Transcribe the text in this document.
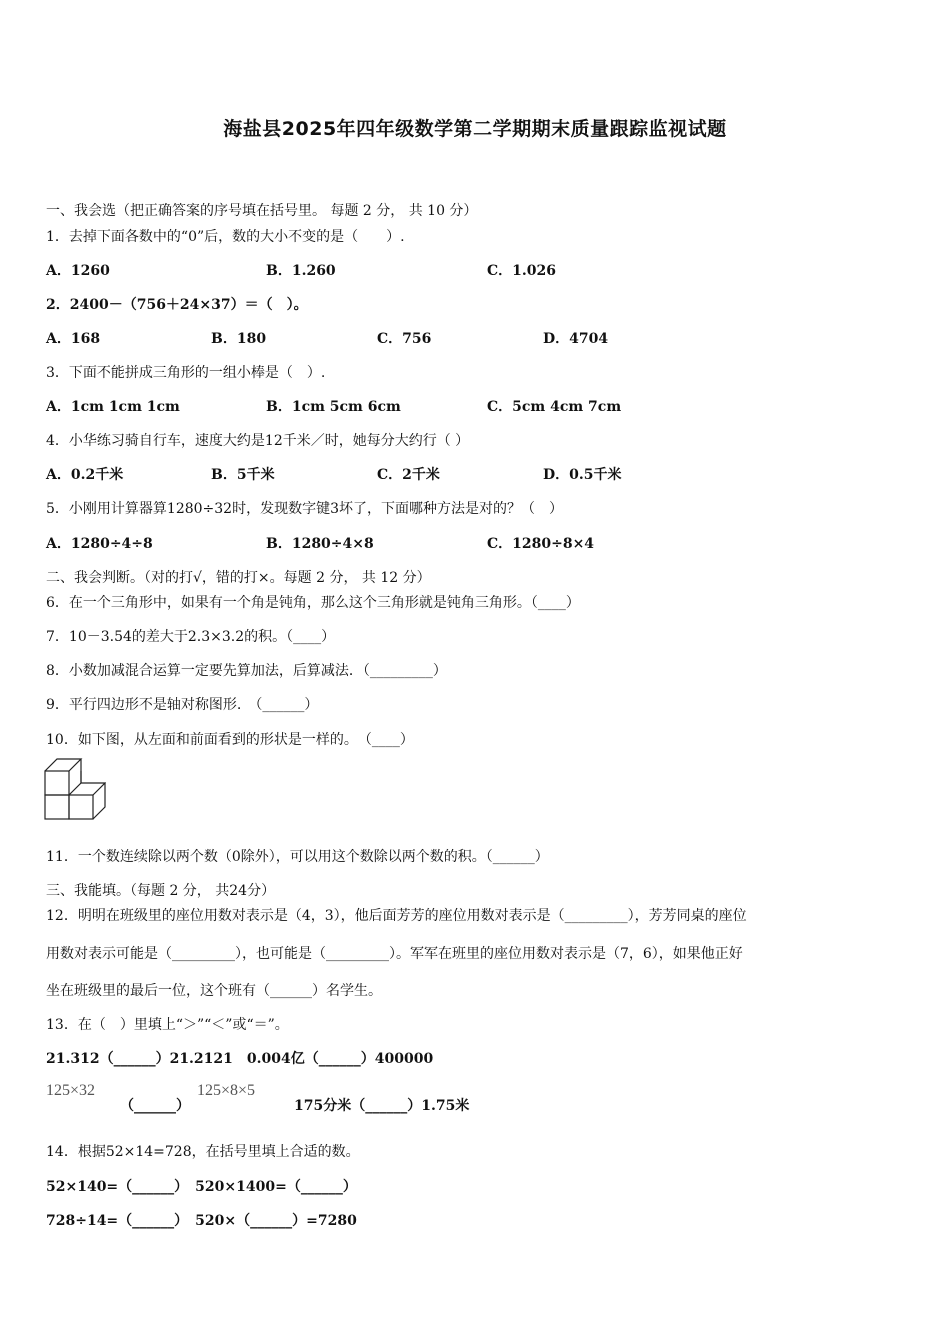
海盐县2025年四年级数学第二学期期末质量跟踪监视试题
一、我会选（把正确答案的序号填在括号里。 每题 2 分， 共 10 分）
1．去掉下面各数中的“0”后，数的大小不变的是（　　）.
A．1260	B．1.260	C．1.026
2．2400－（756＋24×37）＝（　）。
A．168	B．180	C．756	D．4704
3．下面不能拼成三角形的一组小棒是（　）.
A．1cm 1cm 1cm	B．1cm 5cm 6cm	C．5cm 4cm 7cm
4．小华练习骑自行车，速度大约是12千米／时，她每分大约行（ ）
A．0.2千米	B．5千米	C．2千米	D．0.5千米
5．小刚用计算器算1280÷32时，发现数字键3坏了，下面哪种方法是对的？（　）
A．1280÷4÷8	B．1280÷4×8	C．1280÷8×4
二、我会判断。（对的打√，错的打×。每题 2 分， 共 12 分）
6．在一个三角形中，如果有一个角是钝角，那么这个三角形就是钝角三角形。（____）
7．10－3.54的差大于2.3×3.2的积。（____）
8．小数加减混合运算一定要先算加法，后算减法．（_________）
9．平行四边形不是轴对称图形.　（______）
10．如下图，从左面和前面看到的形状是一样的。　（____）
11．一个数连续除以两个数（0除外），可以用这个数除以两个数的积。（______）
三、我能填。（每题 2 分， 共24分）
12．明明在班级里的座位用数对表示是（4，3），他后面芳芳的座位用数对表示是（_________），芳芳同桌的座位
用数对表示可能是（_________），也可能是（_________）。军军在班里的座位用数对表示是（7，6），如果他正好
坐在班级里的最后一位，这个班有（______）名学生。
13．在（　）里填上“＞”“＜”或“＝”。
21.312（______）21.2121　0.004亿（______）400000
125×32
（______）
125×8×5
175分米（______）1.75米
14．根据52×14=728，在括号里填上合适的数。
52×140=（______）　520×1400=（______）
728÷14=（______）　520×（______）=7280
